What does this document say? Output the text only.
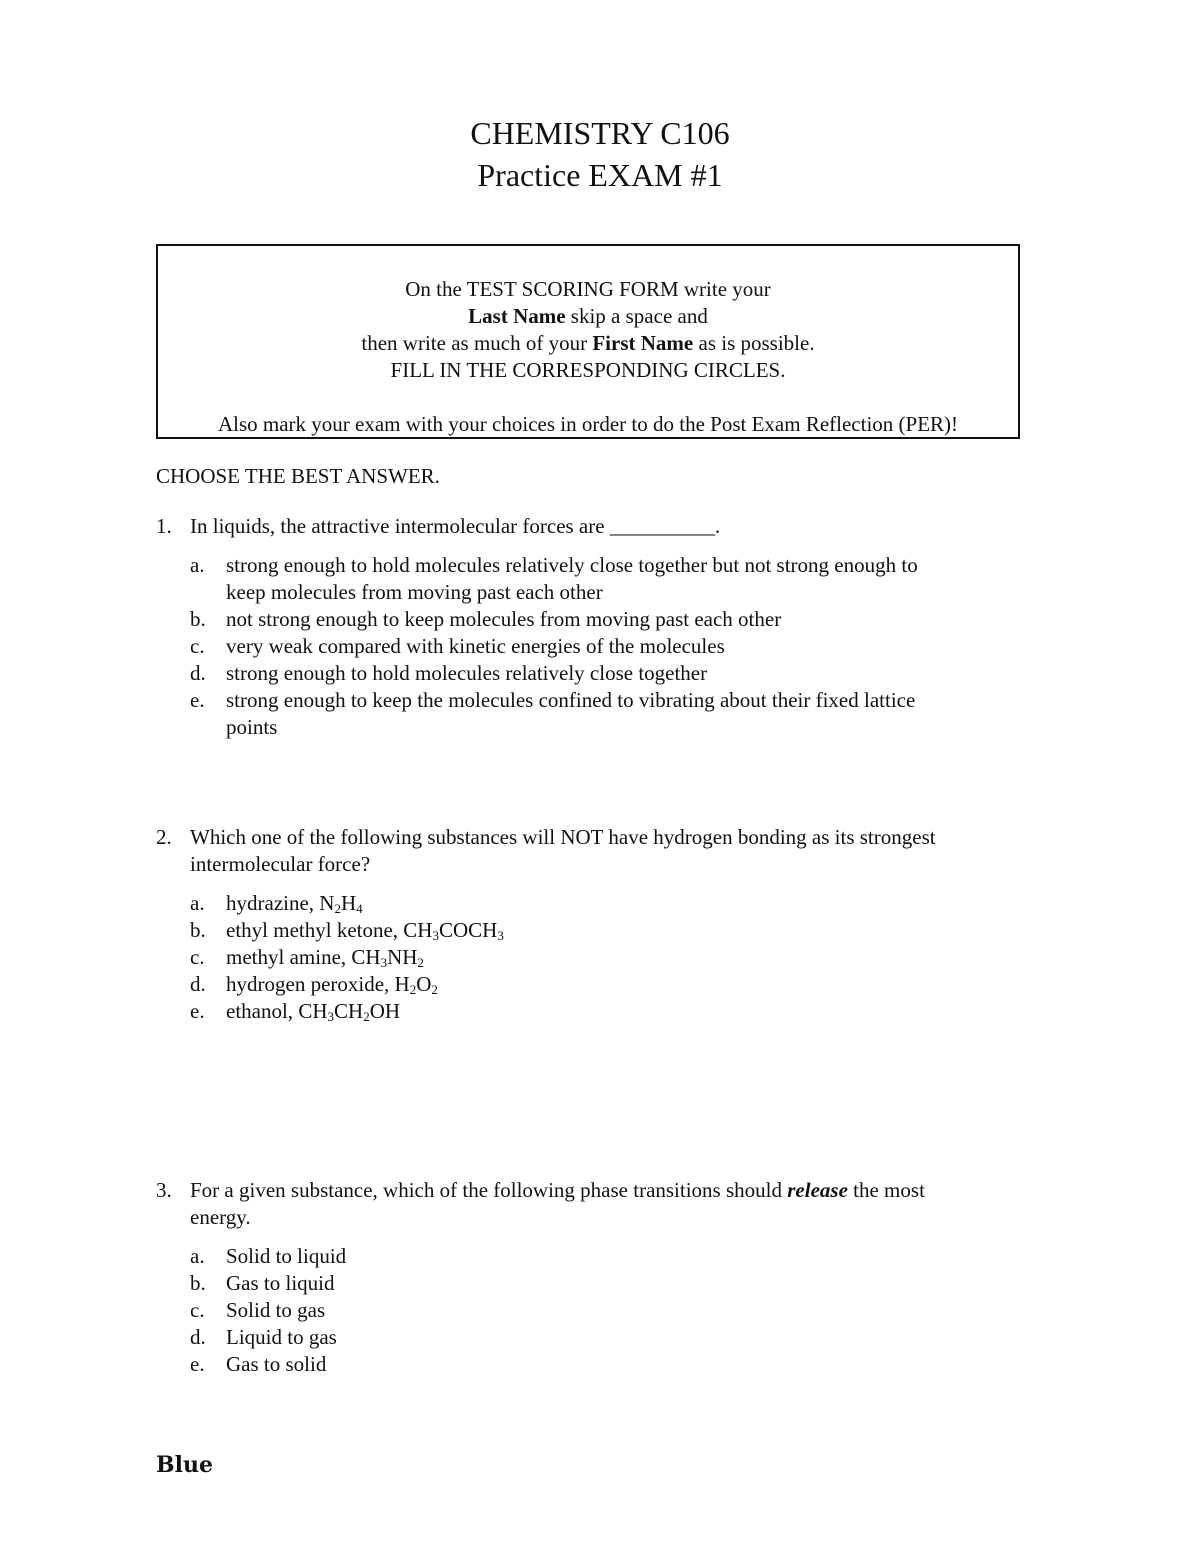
CHEMISTRY C106
Practice EXAM #1
On the TEST SCORING FORM write your
Last Name skip a space and
then write as much of your First Name as is possible.
FILL IN THE CORRESPONDING CIRCLES.
Also mark your exam with your choices in order to do the Post Exam Reflection (PER)!
CHOOSE THE BEST ANSWER.
1. In liquids, the attractive intermolecular forces are __________.
a. strong enough to hold molecules relatively close together but not strong enough to
keep molecules from moving past each other
b. not strong enough to keep molecules from moving past each other
c. very weak compared with kinetic energies of the molecules
d. strong enough to hold molecules relatively close together
e. strong enough to keep the molecules confined to vibrating about their fixed lattice
points
2. Which one of the following substances will NOT have hydrogen bonding as its strongest
intermolecular force?
a. hydrazine, $N_2H_4$
b. ethyl methyl ketone, $CH_3COCH_3$
c. methyl amine, $CH_3NH_2$
d. hydrogen peroxide, $H_2O_2$
e. ethanol, $CH_3CH_2OH$
3. For a given substance, which of the following phase transitions should release the most
energy.
a. Solid to liquid
b. Gas to liquid
c. Solid to gas
d. Liquid to gas
e. Gas to solid
Blue
